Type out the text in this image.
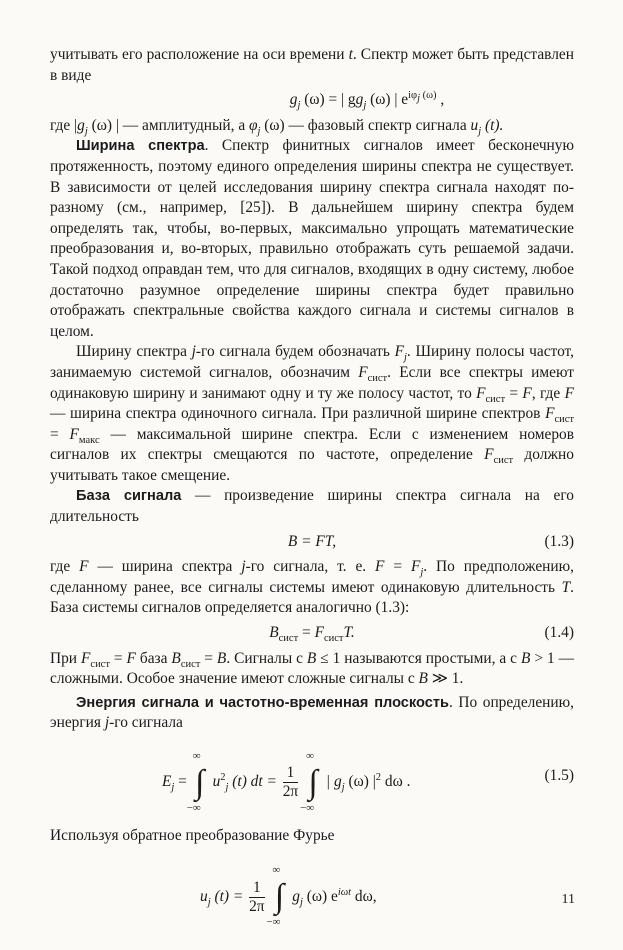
учитывать его расположение на оси времени t. Спектр может быть представлен в виде

$g_j$ (ω) = | $gg_j$ (ω) | $e^{i\varphi_j (\omega)}$ ,

где $|g_j$ (ω) | — амплитудный, а $\varphi_j$ (ω) — фазовый спектр сигнала $u_j$ (t).

Ширина спектра. Спектр финитных сигналов имеет бесконечную протяженность, поэтому единого определения ширины спектра не существует. В зависимости от целей исследования ширину спектра сигнала находят по-разному (см., например, [25]). В дальнейшем ширину спектра будем определять так, чтобы, во-первых, максимально упрощать математические преобразования и, во-вторых, правильно отображать суть решаемой задачи. Такой подход оправдан тем, что для сигналов, входящих в одну систему, любое достаточно разумное определение ширины спектра будет правильно отображать спектральные свойства каждого сигнала и системы сигналов в целом.

Ширину спектра j-го сигнала будем обозначать $F_j$. Ширину полосы частот, занимаемую системой сигналов, обозначим $F_{сист}$. Если все спектры имеют одинаковую ширину и занимают одну и ту же полосу частот, то $F_{сист} = F$, где F — ширина спектра одиночного сигнала. При различной ширине спектров $F_{сист} = F_{макс}$ — максимальной ширине спектра. Если с изменением номеров сигналов их спектры смещаются по частоте, определение $F_{сист}$ должно учитывать такое смещение.

База сигнала — произведение ширины спектра сигнала на его длительность

B = FT,	(1.3)

где F — ширина спектра j-го сигнала, т. е. $F = F_j$. По предположению, сделанному ранее, все сигналы системы имеют одинаковую длительность T. База системы сигналов определяется аналогично (1.3):

$B_{сист} = F_{сист}T$.	(1.4)

При $F_{сист} = F$ база $B_{сист} = B$. Сигналы с B ≤ 1 называются простыми, а с B > 1 — сложными. Особое значение имеют сложные сигналы с B ≫ 1.

Энергия сигнала и частотно-временная плоскость. По определению, энергия j-го сигнала

$E_j$ =
∞
∫
−∞
$u^2_j$ (t) dt = $\frac{1}{2\pi}$

∞
∫
−∞
| $g_j$ (ω) $|^2$ dω .	(1.5)

Используя обратное преобразование Фурье

$u_j$ $(t) = \frac{1}{2\pi}$

∞
∫
−∞
$g_j$ (ω) $e^{i\omega t}$ dω,	11
